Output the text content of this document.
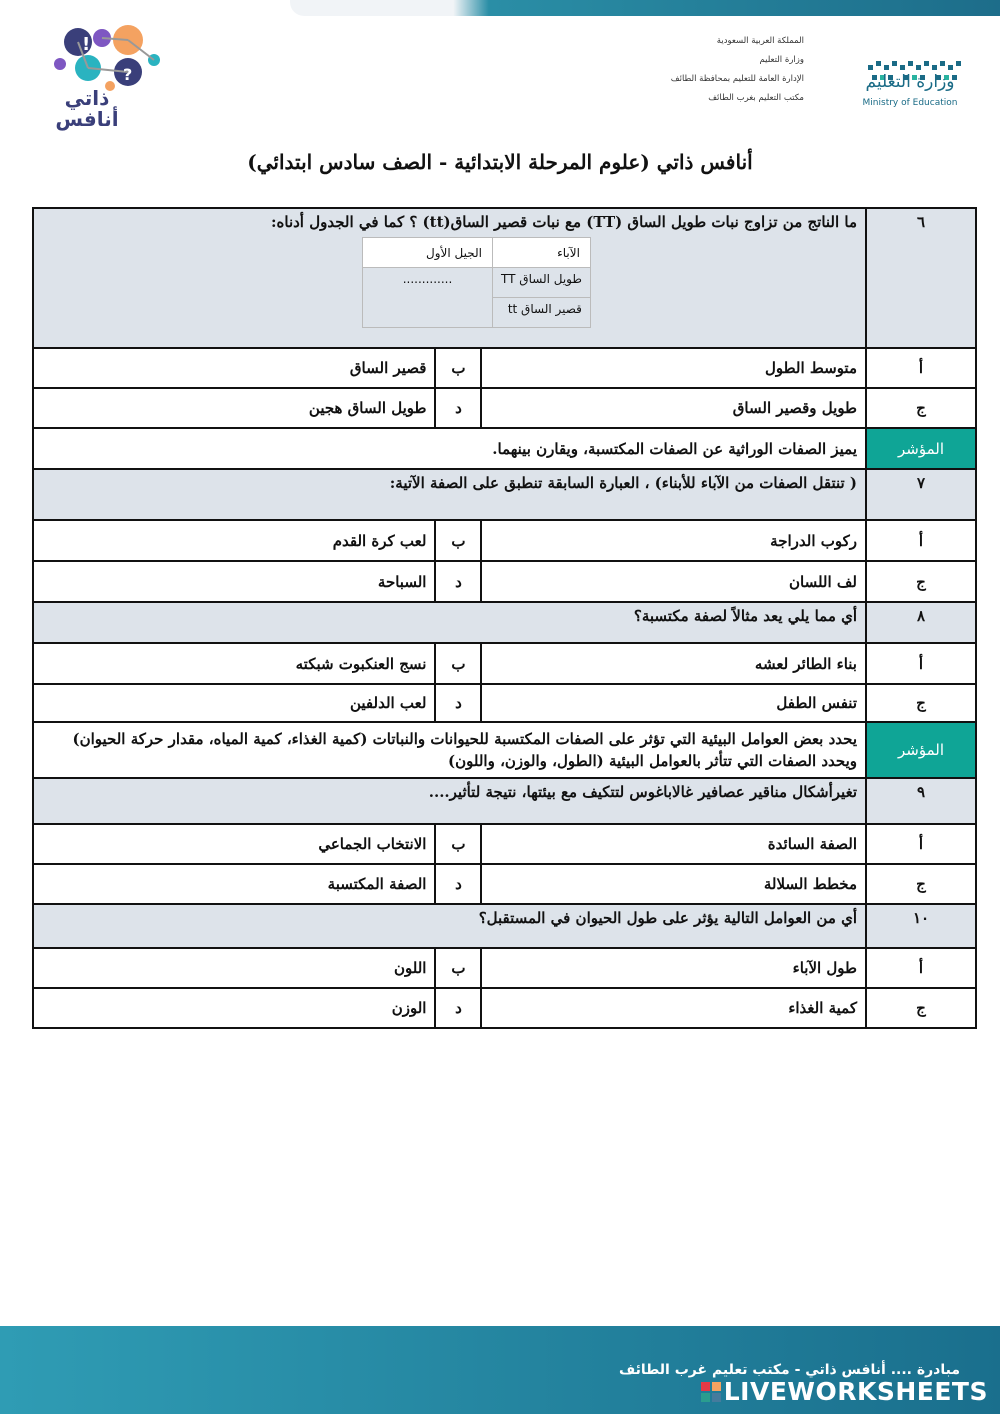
!
?
ذاتي
أنافس
المملكة العربية السعودية
وزارة التعليم
الإدارة العامة للتعليم بمحافظة الطائف
مكتب التعليم بغرب الطائف
وزارة التعليم
Ministry of Education
أنافس ذاتي (علوم المرحلة الابتدائية - الصف سادس ابتدائي)
٦	
ما الناتج من تزاوج نبات طويل الساق (TT) مع نبات قصير الساق(tt) ؟ كما في الجدول أدناه:
الآباء	الجيل الأول
طويل الساق TT	.............
قصير الساق tt

أ	متوسط الطول	ب	قصير الساق
ج	طويل وقصير الساق	د	طويل الساق هجين
المؤشر	يميز الصفات الوراثية عن الصفات المكتسبة، ويقارن بينهما.
٧	( تنتقل الصفات من الآباء للأبناء) ، العبارة السابقة تنطبق على الصفة الآتية:
أ	ركوب الدراجة	ب	لعب كرة القدم
ج	لف اللسان	د	السباحة
٨	أي مما يلي يعد مثالاً لصفة مكتسبة؟
أ	بناء الطائر لعشه	ب	نسج العنكبوت شبكته
ج	تنفس الطفل	د	لعب الدلفين
المؤشر	يحدد بعض العوامل البيئية التي تؤثر على الصفات المكتسبة للحيوانات والنباتات (كمية الغذاء، كمية المياه، مقدار حركة الحيوان) ويحدد الصفات التي تتأثر بالعوامل البيئية (الطول، والوزن، واللون)
٩	تغيرأشكال مناقير عصافير غالاباغوس لتتكيف مع بيئتها، نتيجة لتأثير....
أ	الصفة السائدة	ب	الانتخاب الجماعي
ج	مخطط السلالة	د	الصفة المكتسبة
١٠	أي من العوامل التالية يؤثر على طول الحيوان في المستقبل؟
أ	طول الآباء	ب	اللون
ج	كمية الغذاء	د	الوزن
مبادرة .... أنافس ذاتي - مكتب تعليم غرب الطائف
LIVEWORKSHEETS
